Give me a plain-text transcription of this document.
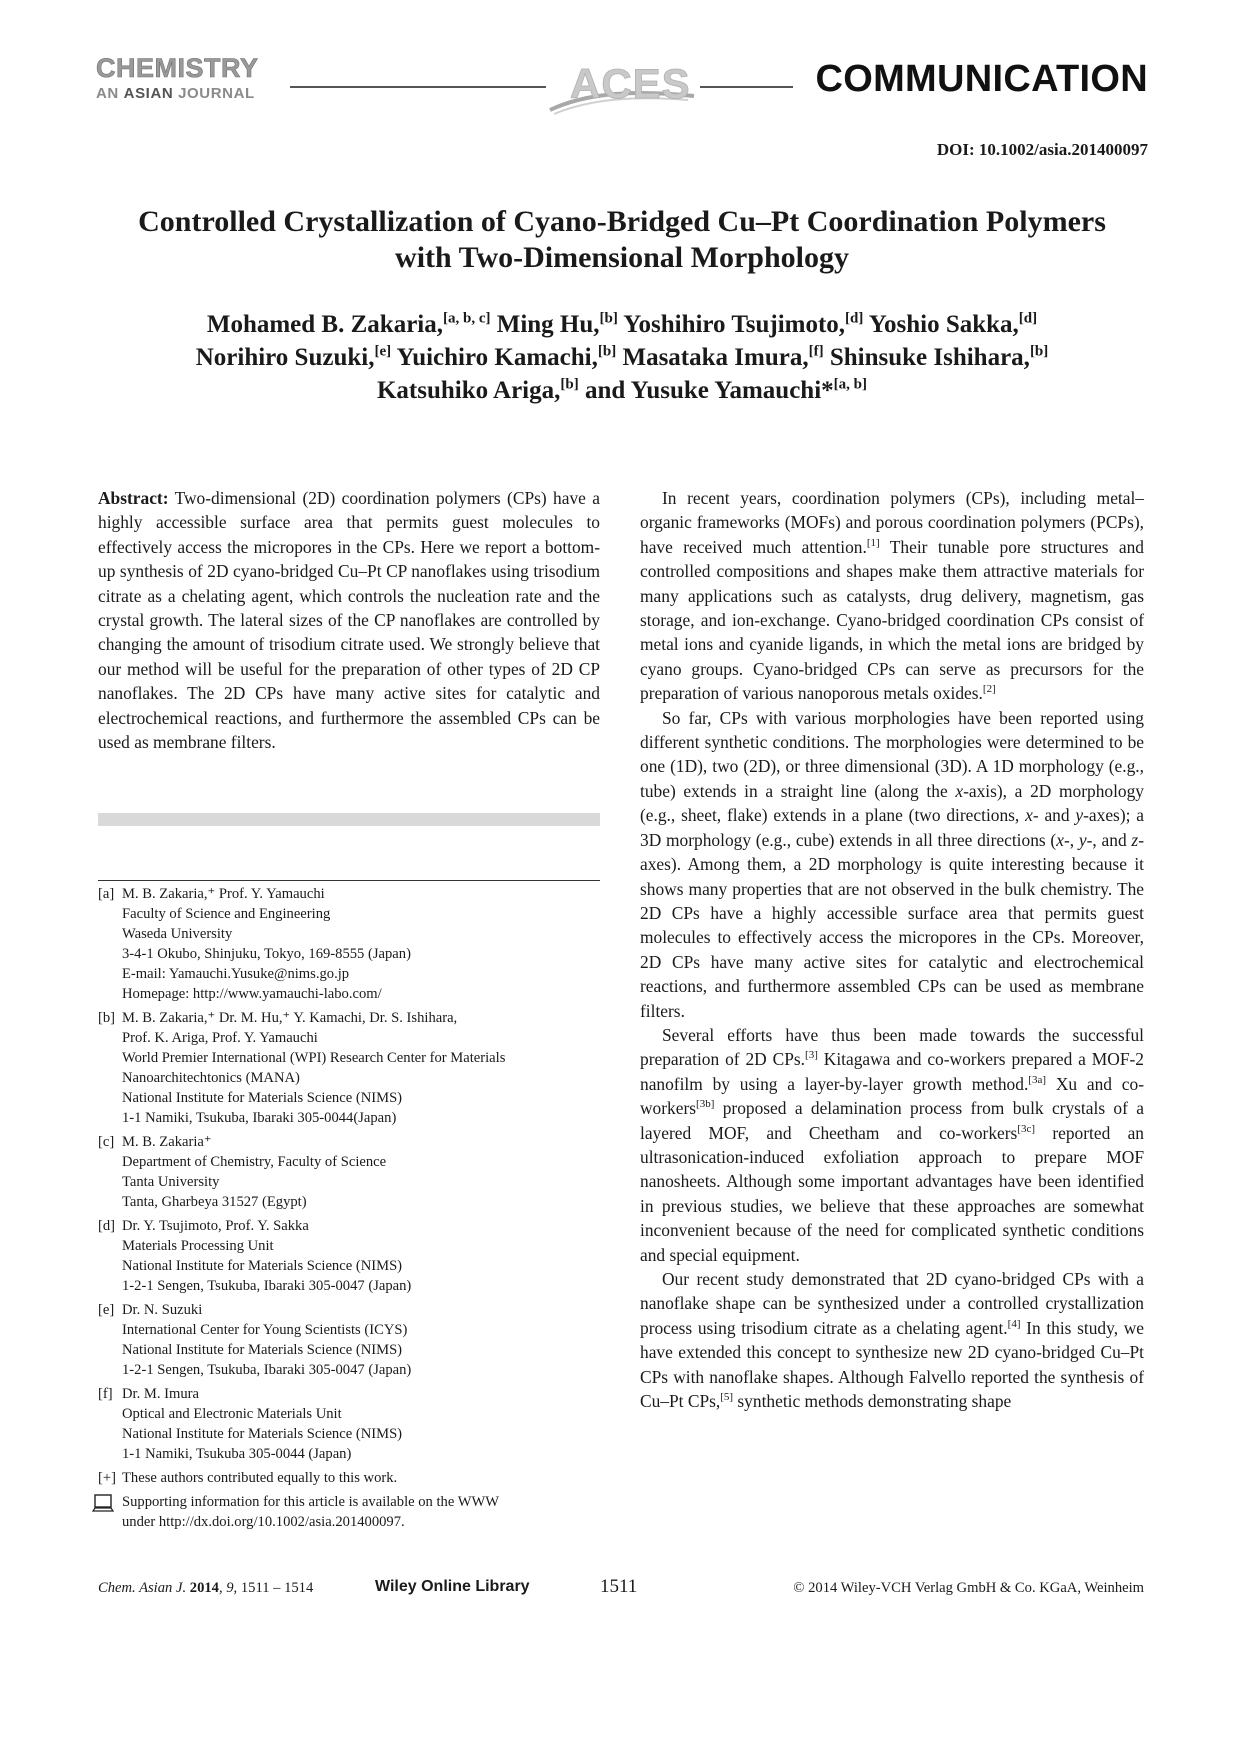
CHEMISTRY
AN ASIAN JOURNAL	ACES	COMMUNICATION
DOI: 10.1002/asia.201400097
Controlled Crystallization of Cyano-Bridged Cu–Pt Coordination Polymers
with Two-Dimensional Morphology
Mohamed B. Zakaria,[a, b, c] Ming Hu,[b] Yoshihiro Tsujimoto,[d] Yoshio Sakka,[d]
Norihiro Suzuki,[e] Yuichiro Kamachi,[b] Masataka Imura,[f] Shinsuke Ishihara,[b]
Katsuhiko Ariga,[b] and Yusuke Yamauchi*[a, b]
Abstract: Two-dimensional (2D) coordination polymers (CPs) have a highly accessible surface area that permits guest molecules to effectively access the micropores in the CPs. Here we report a bottom-up synthesis of 2D cyano-bridged Cu–Pt CP nanoflakes using trisodium citrate as a chelating agent, which controls the nucleation rate and the crystal growth. The lateral sizes of the CP nanoflakes are controlled by changing the amount of trisodium citrate used. We strongly believe that our method will be useful for the preparation of other types of 2D CP nanoflakes. The 2D CPs have many active sites for catalytic and electrochemical reactions, and furthermore the assembled CPs can be used as membrane filters.
[a] M. B. Zakaria,⁺ Prof. Y. Yamauchi
Faculty of Science and Engineering
Waseda University
3-4-1 Okubo, Shinjuku, Tokyo, 169-8555 (Japan)
E-mail: Yamauchi.Yusuke@nims.go.jp
Homepage: http://www.yamauchi-labo.com/
[b] M. B. Zakaria,⁺ Dr. M. Hu,⁺ Y. Kamachi, Dr. S. Ishihara,
Prof. K. Ariga, Prof. Y. Yamauchi
World Premier International (WPI) Research Center for Materials
Nanoarchitechtonics (MANA)
National Institute for Materials Science (NIMS)
1-1 Namiki, Tsukuba, Ibaraki 305-0044(Japan)
[c] M. B. Zakaria⁺
Department of Chemistry, Faculty of Science
Tanta University
Tanta, Gharbeya 31527 (Egypt)
[d] Dr. Y. Tsujimoto, Prof. Y. Sakka
Materials Processing Unit
National Institute for Materials Science (NIMS)
1-2-1 Sengen, Tsukuba, Ibaraki 305-0047 (Japan)
[e] Dr. N. Suzuki
International Center for Young Scientists (ICYS)
National Institute for Materials Science (NIMS)
1-2-1 Sengen, Tsukuba, Ibaraki 305-0047 (Japan)
[f] Dr. M. Imura
Optical and Electronic Materials Unit
National Institute for Materials Science (NIMS)
1-1 Namiki, Tsukuba 305-0044 (Japan)
[+] These authors contributed equally to this work.
Supporting information for this article is available on the WWW
under http://dx.doi.org/10.1002/asia.201400097.

In recent years, coordination polymers (CPs), including metal–organic frameworks (MOFs) and porous coordination polymers (PCPs), have received much attention.[1] Their tunable pore structures and controlled compositions and shapes make them attractive materials for many applications such as catalysts, drug delivery, magnetism, gas storage, and ion-exchange. Cyano-bridged coordination CPs consist of metal ions and cyanide ligands, in which the metal ions are bridged by cyano groups. Cyano-bridged CPs can serve as precursors for the preparation of various nanoporous metals oxides.[2]

So far, CPs with various morphologies have been reported using different synthetic conditions. The morphologies were determined to be one (1D), two (2D), or three dimensional (3D). A 1D morphology (e.g., tube) extends in a straight line (along the x-axis), a 2D morphology (e.g., sheet, flake) extends in a plane (two directions, x- and y-axes); a 3D morphology (e.g., cube) extends in all three directions (x-, y-, and z-axes). Among them, a 2D morphology is quite interesting because it shows many properties that are not observed in the bulk chemistry. The 2D CPs have a highly accessible surface area that permits guest molecules to effectively access the micropores in the CPs. Moreover, 2D CPs have many active sites for catalytic and electrochemical reactions, and furthermore assembled CPs can be used as membrane filters.

Several efforts have thus been made towards the successful preparation of 2D CPs.[3] Kitagawa and co-workers prepared a MOF-2 nanofilm by using a layer-by-layer growth method.[3a] Xu and co-workers[3b] proposed a delamination process from bulk crystals of a layered MOF, and Cheetham and co-workers[3c] reported an ultrasonication-induced exfoliation approach to prepare MOF nanosheets. Although some important advantages have been identified in previous studies, we believe that these approaches are somewhat inconvenient because of the need for complicated synthetic conditions and special equipment.

Our recent study demonstrated that 2D cyano-bridged CPs with a nanoflake shape can be synthesized under a controlled crystallization process using trisodium citrate as a chelating agent.[4] In this study, we have extended this concept to synthesize new 2D cyano-bridged Cu–Pt CPs with nanoflake shapes. Although Falvello reported the synthesis of Cu–Pt CPs,[5] synthetic methods demonstrating shape

Chem. Asian J. 2014, 9, 1511 – 1514	Wiley Online Library	1511	© 2014 Wiley-VCH Verlag GmbH & Co. KGaA, Weinheim
